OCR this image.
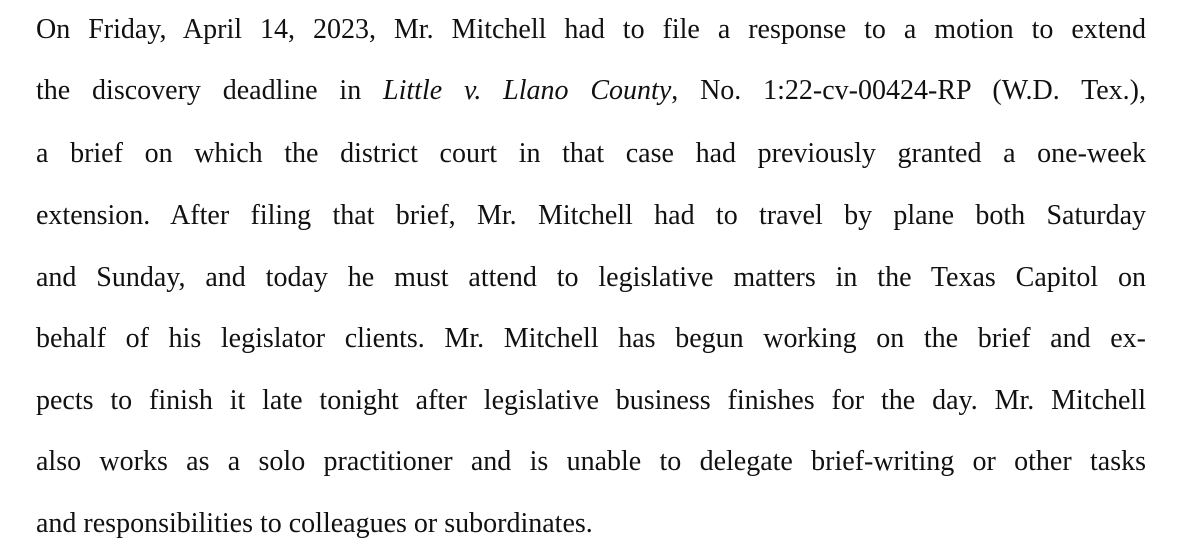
On Friday, April 14, 2023, Mr. Mitchell had to file a response to a motion to extend
the discovery deadline in Little v. Llano County, No. 1:22-cv-00424-RP (W.D. Tex.),
a brief on which the district court in that case had previously granted a one-week
extension. After filing that brief, Mr. Mitchell had to travel by plane both Saturday
and Sunday, and today he must attend to legislative matters in the Texas Capitol on
behalf of his legislator clients. Mr. Mitchell has begun working on the brief and ex-
pects to finish it late tonight after legislative business finishes for the day. Mr. Mitchell
also works as a solo practitioner and is unable to delegate brief-writing or other tasks
and responsibilities to colleagues or subordinates.
